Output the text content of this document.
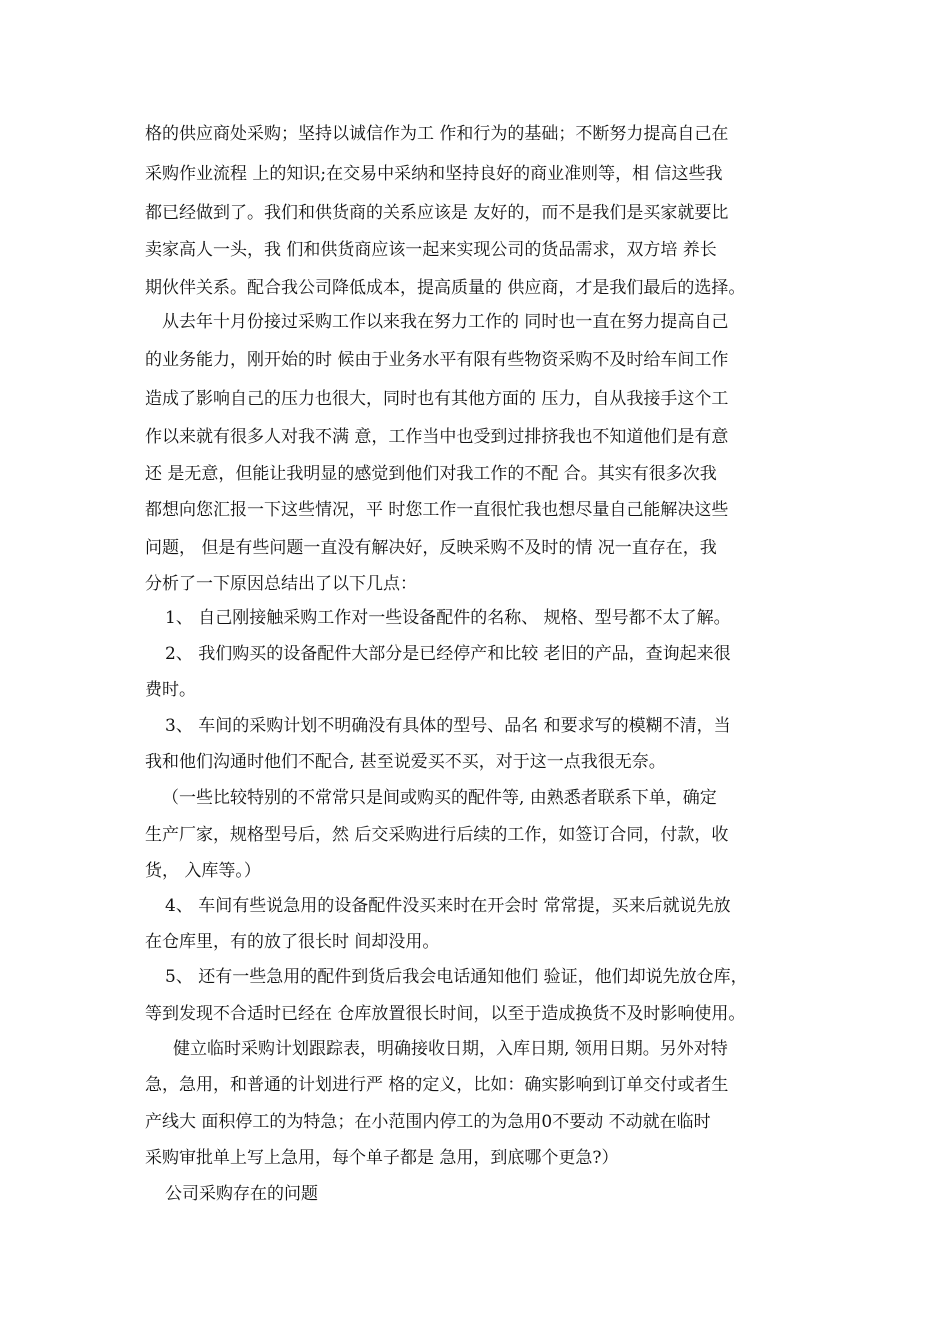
格的供应商处采购；坚持以诚信作为工 作和行为的基础；不断努力提高自己在
采购作业流程 上的知识;在交易中采纳和坚持良好的商业准则等，相 信这些我
都已经做到了。我们和供货商的关系应该是 友好的，而不是我们是买家就要比
卖家高人一头，我 们和供货商应该一起来实现公司的货品需求，双方培 养长
期伙伴关系。配合我公司降低成本，提高质量的 供应商，才是我们最后的选择。
从去年十月份接过采购工作以来我在努力工作的 同时也一直在努力提高自己
的业务能力，刚开始的时 候由于业务水平有限有些物资采购不及时给车间工作
造成了影响自己的压力也很大，同时也有其他方面的 压力，自从我接手这个工
作以来就有很多人对我不满 意，工作当中也受到过排挤我也不知道他们是有意
还 是无意，但能让我明显的感觉到他们对我工作的不配 合。其实有很多次我
都想向您汇报一下这些情况，平 时您工作一直很忙我也想尽量自己能解决这些
问题， 但是有些问题一直没有解决好，反映采购不及时的情 况一直存在，我
分析了一下原因总结出了以下几点：
1、 自己刚接触采购工作对一些设备配件的名称、 规格、型号都不太了解。
2、 我们购买的设备配件大部分是已经停产和比较 老旧的产品，查询起来很
费时。
3、 车间的采购计划不明确没有具体的型号、品名 和要求写的模糊不清，当
我和他们沟通时他们不配合, 甚至说爱买不买，对于这一点我很无奈。
（一些比较特别的不常常只是间或购买的配件等, 由熟悉者联系下单，确定
生产厂家，规格型号后，然 后交采购进行后续的工作，如签订合同，付款，收
货， 入库等。）
4、 车间有些说急用的设备配件没买来时在开会时 常常提，买来后就说先放
在仓库里，有的放了很长时 间却没用。
5、 还有一些急用的配件到货后我会电话通知他们 验证，他们却说先放仓库，
等到发现不合适时已经在 仓库放置很长时间，以至于造成换货不及时影响使用。
健立临时采购计划跟踪表，明确接收日期，入库日期, 领用日期。另外对特
急，急用，和普通的计划进行严 格的定义，比如：确实影响到订单交付或者生
产线大 面积停工的为特急；在小范围内停工的为急用0不要动 不动就在临时
采购审批单上写上急用，每个单子都是 急用，到底哪个更急?）
公司采购存在的问题
